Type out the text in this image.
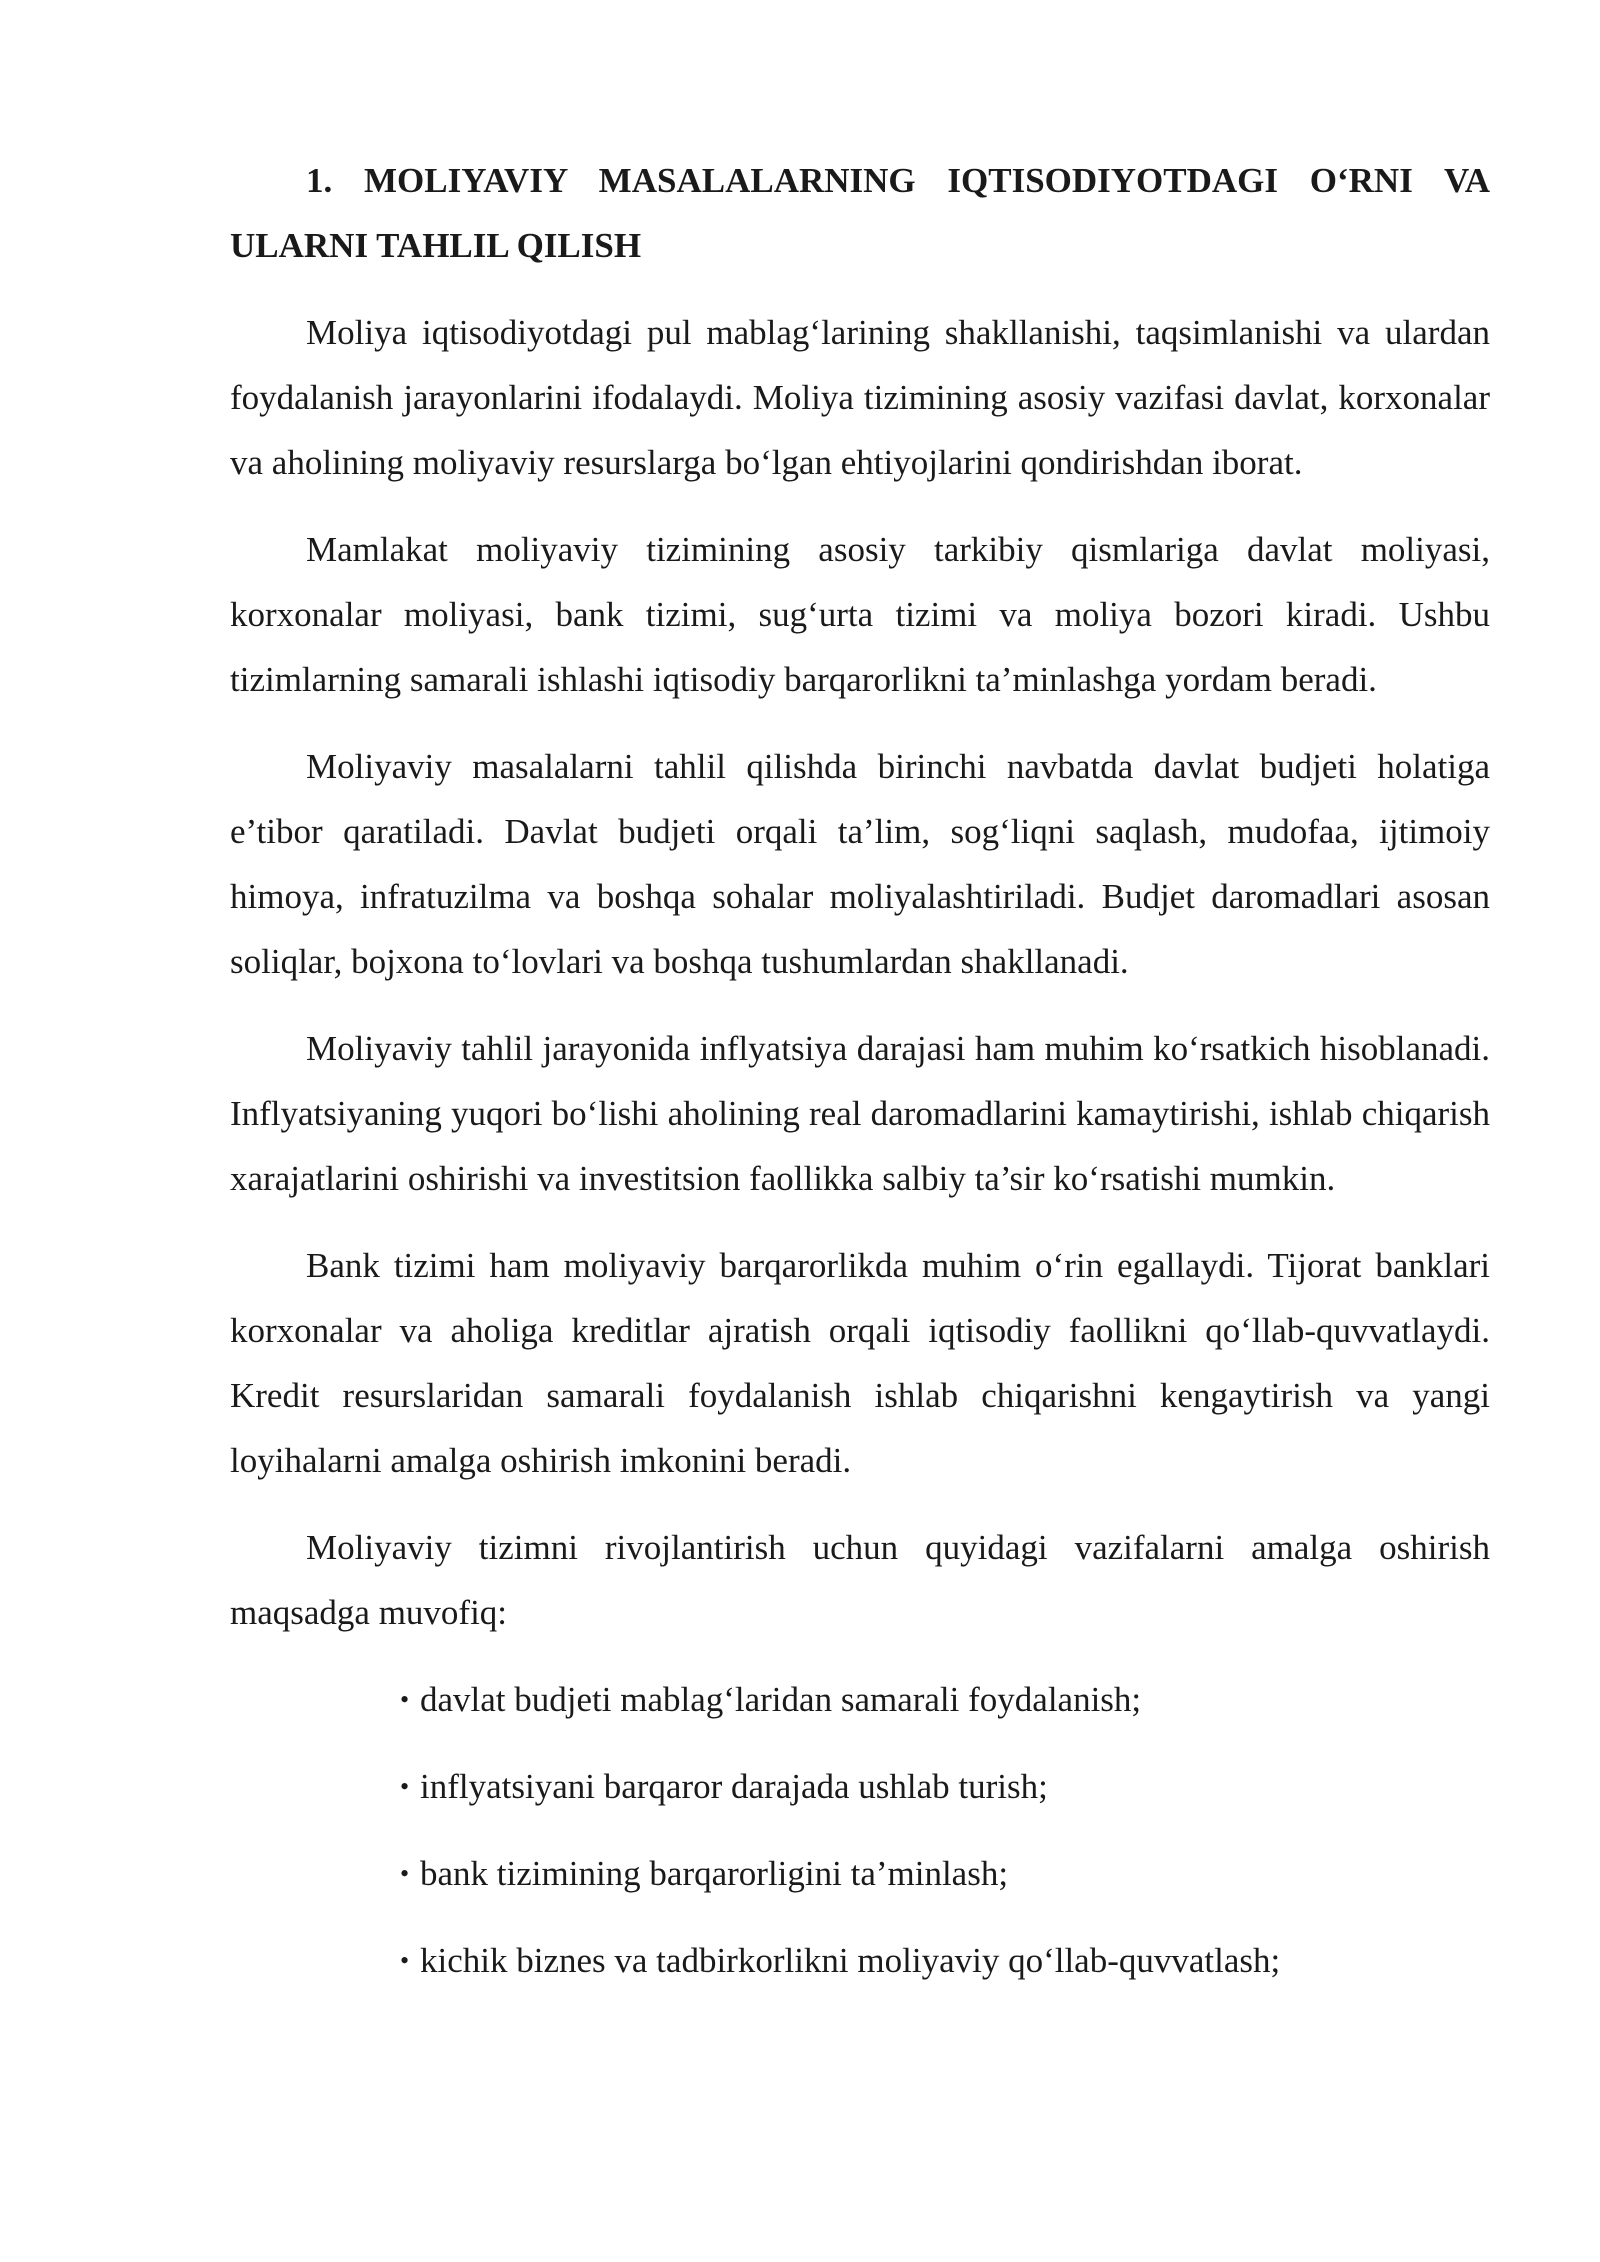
1. MOLIYAVIY MASALALARNING IQTISODIYOTDAGI O‘RNI VA ULARNI TAHLIL QILISH

Moliya iqtisodiyotdagi pul mablag‘larining shakllanishi, taqsimlanishi va ulardan foydalanish jarayonlarini ifodalaydi. Moliya tizimining asosiy vazifasi davlat, korxonalar va aholining moliyaviy resurslarga bo‘lgan ehtiyojlarini qondirishdan iborat.

Mamlakat moliyaviy tizimining asosiy tarkibiy qismlariga davlat moliyasi, korxonalar moliyasi, bank tizimi, sug‘urta tizimi va moliya bozori kiradi. Ushbu tizimlarning samarali ishlashi iqtisodiy barqarorlikni ta’minlashga yordam beradi.

Moliyaviy masalalarni tahlil qilishda birinchi navbatda davlat budjeti holatiga e’tibor qaratiladi. Davlat budjeti orqali ta’lim, sog‘liqni saqlash, mudofaa, ijtimoiy himoya, infratuzilma va boshqa sohalar moliyalashtiriladi. Budjet daromadlari asosan soliqlar, bojxona to‘lovlari va boshqa tushumlardan shakllanadi.

Moliyaviy tahlil jarayonida inflyatsiya darajasi ham muhim ko‘rsatkich hisoblanadi. Inflyatsiyaning yuqori bo‘lishi aholining real daromadlarini kamaytirishi, ishlab chiqarish xarajatlarini oshirishi va investitsion faollikka salbiy ta’sir ko‘rsatishi mumkin.

Bank tizimi ham moliyaviy barqarorlikda muhim o‘rin egallaydi. Tijorat banklari korxonalar va aholiga kreditlar ajratish orqali iqtisodiy faollikni qo‘llab-quvvatlaydi. Kredit resurslaridan samarali foydalanish ishlab chiqarishni kengaytirish va yangi loyihalarni amalga oshirish imkonini beradi.

Moliyaviy tizimni rivojlantirish uchun quyidagi vazifalarni amalga oshirish maqsadga muvofiq:

• davlat budjeti mablag‘laridan samarali foydalanish;
• inflyatsiyani barqaror darajada ushlab turish;
• bank tizimining barqarorligini ta’minlash;
• kichik biznes va tadbirkorlikni moliyaviy qo‘llab-quvvatlash;
